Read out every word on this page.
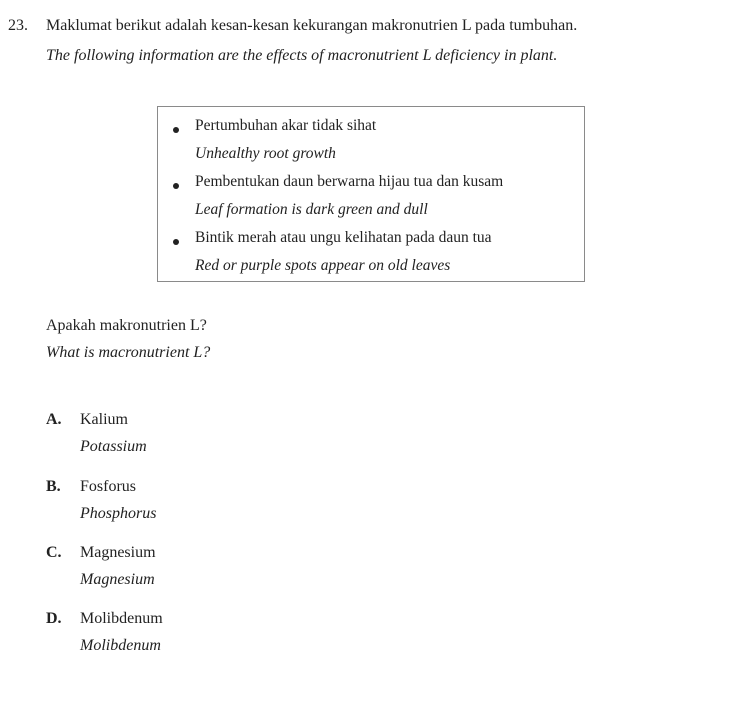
23. Maklumat berikut adalah kesan-kesan kekurangan makronutrien L pada tumbuhan.
The following information are the effects of macronutrient L deficiency in plant.
Pertumbuhan akar tidak sihat
Unhealthy root growth
Pembentukan daun berwarna hijau tua dan kusam
Leaf formation is dark green and dull
Bintik merah atau ungu kelihatan pada daun tua
Red or purple spots appear on old leaves
Apakah makronutrien L?
What is macronutrient L?
A. Kalium
Potassium
B. Fosforus
Phosphorus
C. Magnesium
Magnesium
D. Molibdenum
Molibdenum
